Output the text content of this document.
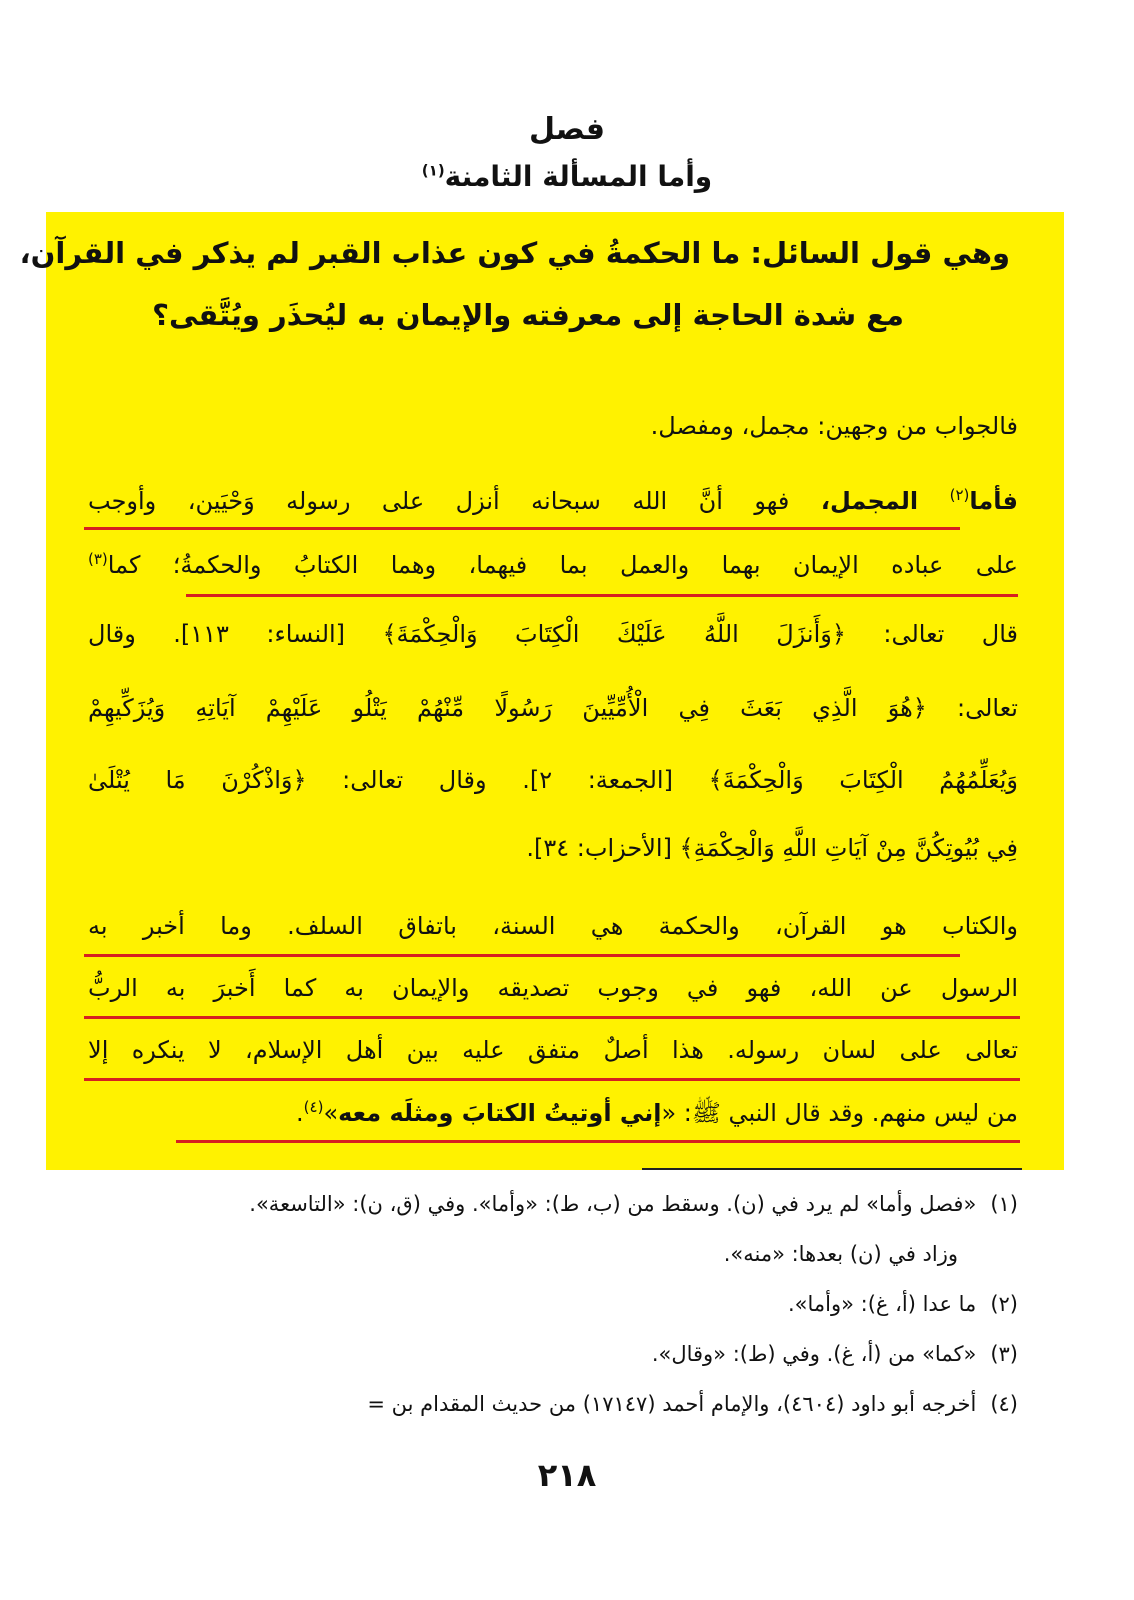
فصل
وأما المسألة الثامنة$^{(١)}$
وهي قول السائل: ما الحكمةُ في كون عذاب القبر لم يذكر في القرآن،
مع شدة الحاجة إلى معرفته والإيمان به ليُحذَر ويُتَّقى؟
فالجواب من وجهين: مجمل، ومفصل.
فأما$^{(٢)}$ المجمل، فهو أنَّ الله سبحانه أنزل على رسوله وَحْيَين، وأوجب
على عباده الإيمان بهما والعمل بما فيهما، وهما الكتابُ والحكمةُ؛ كما$^{(٣)}$
قال تعالى: ﴿وَأَنزَلَ اللَّهُ عَلَيْكَ الْكِتَابَ وَالْحِكْمَةَ﴾ [النساء: ١١٣]. وقال
تعالى: ﴿هُوَ الَّذِي بَعَثَ فِي الْأُمِّيِّينَ رَسُولًا مِّنْهُمْ يَتْلُو عَلَيْهِمْ آيَاتِهِ وَيُزَكِّيهِمْ
وَيُعَلِّمُهُمُ الْكِتَابَ وَالْحِكْمَةَ﴾ [الجمعة: ٢]. وقال تعالى: ﴿وَاذْكُرْنَ مَا يُتْلَىٰ
فِي بُيُوتِكُنَّ مِنْ آيَاتِ اللَّهِ وَالْحِكْمَةِ﴾ [الأحزاب: ٣٤].
والكتاب هو القرآن، والحكمة هي السنة، باتفاق السلف. وما أخبر به
الرسول عن الله، فهو في وجوب تصديقه والإيمان به كما أَخبرَ به الربُّ
تعالى على لسان رسوله. هذا أصلٌ متفق عليه بين أهل الإسلام، لا ينكره إلا
من ليس منهم. وقد قال النبي ﷺ: «إني أوتيتُ الكتابَ ومثلَه معه»$^{(٤)}$.
(١)«فصل وأما» لم يرد في (ن). وسقط من (ب، ط): «وأما». وفي (ق، ن): «التاسعة».
وزاد في (ن) بعدها: «منه».
(٢)ما عدا (أ، غ): «وأما».
(٣)«كما» من (أ، غ). وفي (ط): «وقال».
(٤)أخرجه أبو داود (٤٦٠٤)، والإمام أحمد (١٧١٤٧) من حديث المقدام بن =
٢١٨
